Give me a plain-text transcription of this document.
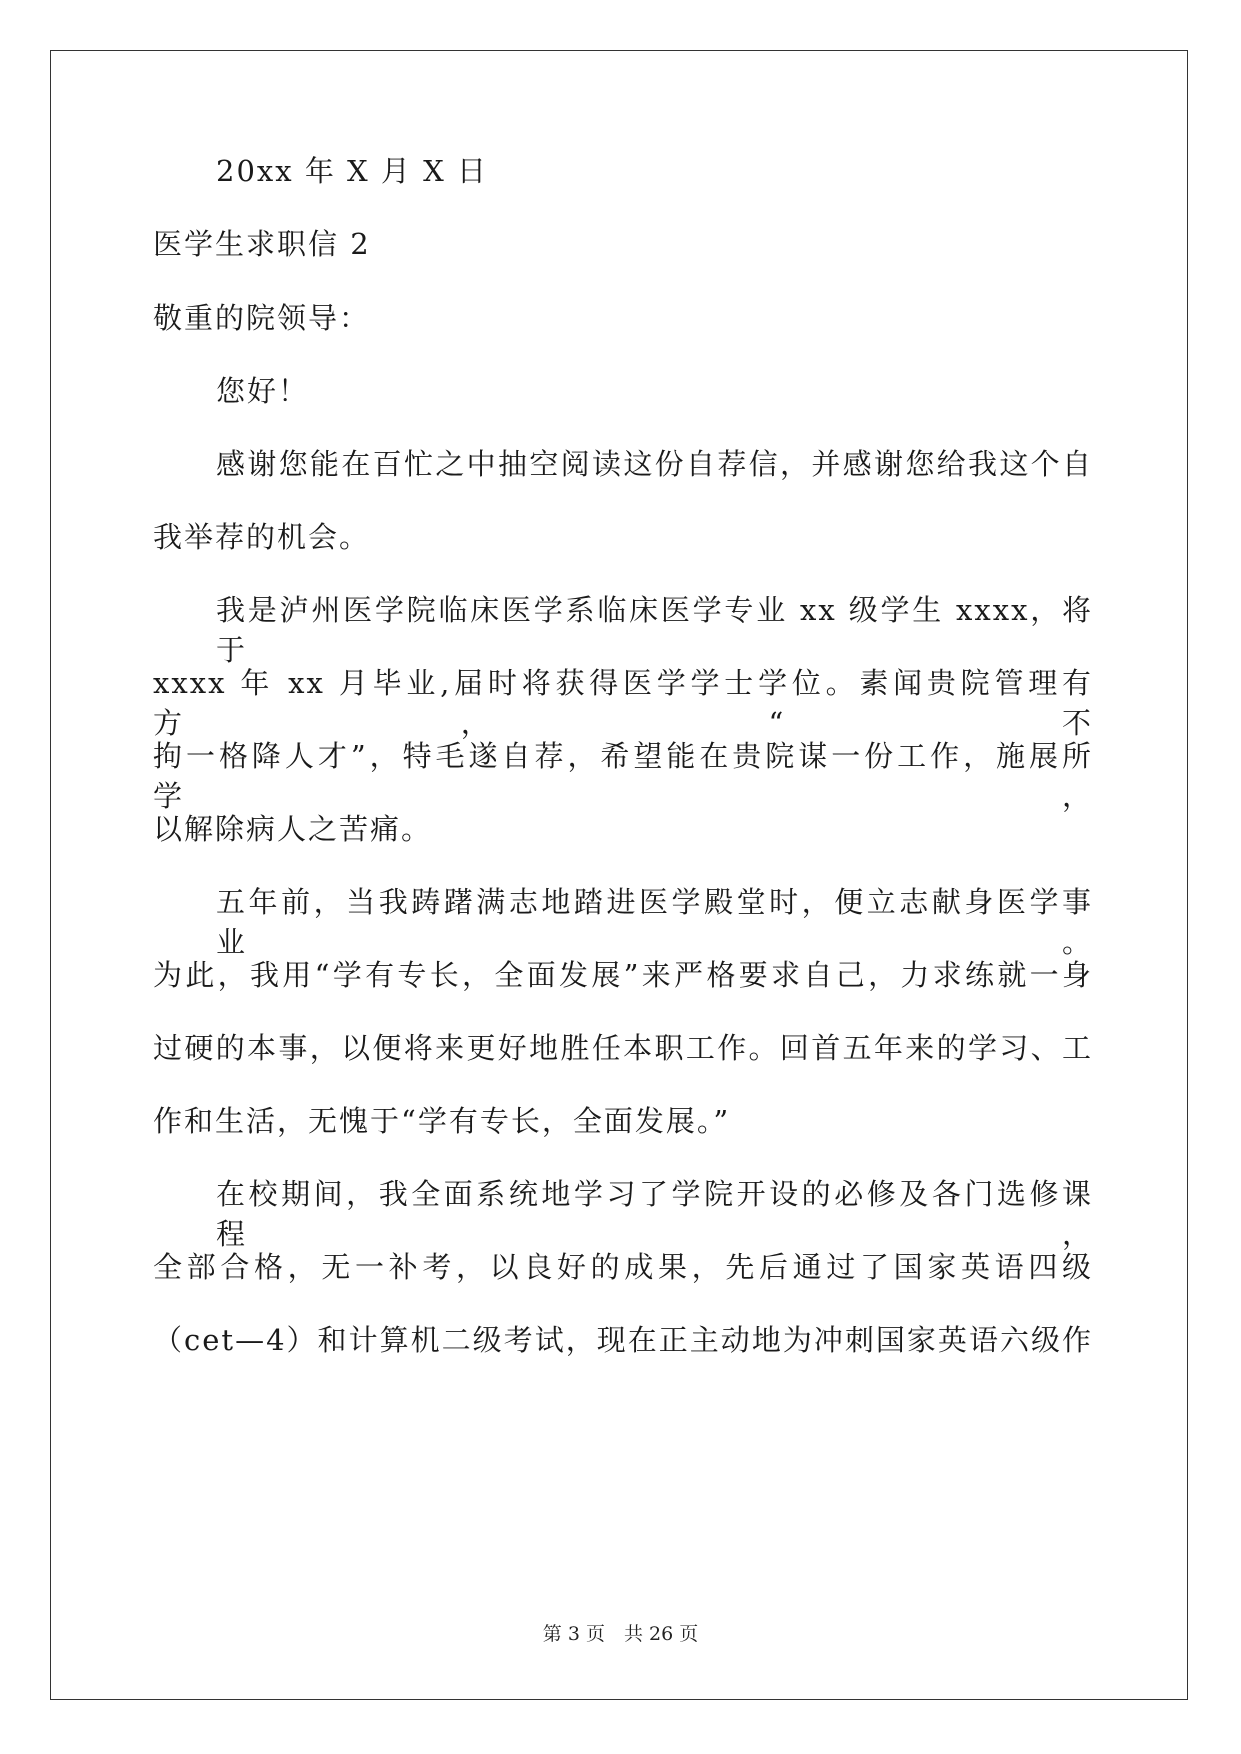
20xx 年 X 月 X 日
医学生求职信 2
敬重的院领导：
您好！
感谢您能在百忙之中抽空阅读这份自荐信，并感谢您给我这个自
我举荐的机会。
我是泸州医学院临床医学系临床医学专业 xx 级学生 xxxx，将于
xxxx 年 xx 月毕业,届时将获得医学学士学位。素闻贵院管理有方，“不
拘一格降人才”，特毛遂自荐，希望能在贵院谋一份工作，施展所学，
以解除病人之苦痛。
五年前，当我踌躇满志地踏进医学殿堂时，便立志献身医学事业。
为此，我用“学有专长，全面发展”来严格要求自己，力求练就一身
过硬的本事，以便将来更好地胜任本职工作。回首五年来的学习、工
作和生活，无愧于“学有专长，全面发展。”
在校期间，我全面系统地学习了学院开设的必修及各门选修课程，
全部合格，无一补考，以良好的成果，先后通过了国家英语四级
（cet—4）和计算机二级考试，现在正主动地为冲刺国家英语六级作
第 3 页　共 26 页
